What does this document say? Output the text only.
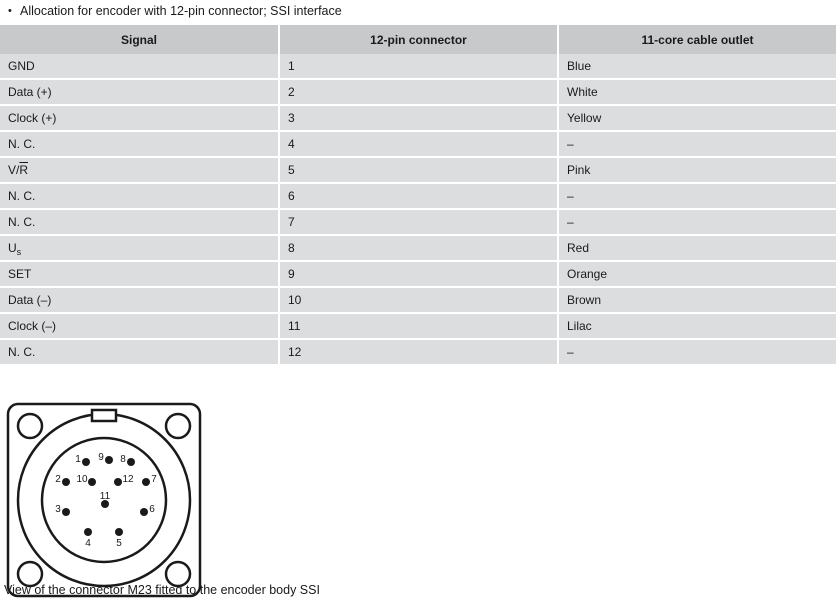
• Allocation for encoder with 12-pin connector; SSI interface
Signal	12-pin connector	11-core cable outlet
GND	1	Blue
Data (+)	2	White
Clock (+)	3	Yellow
N. C.	4	–
$V/\overline{R}$	5	Pink
N. C.	6	–
N. C.	7	–
$U_s$	8	Red
SET	9	Orange
Data (–)	10	Brown
Clock (–)	11	Lilac
N. C.	12	–
1 9 8
2 10	12 7
3
11
6
4	5
View of the connector M23 fitted to the encoder body SSI
